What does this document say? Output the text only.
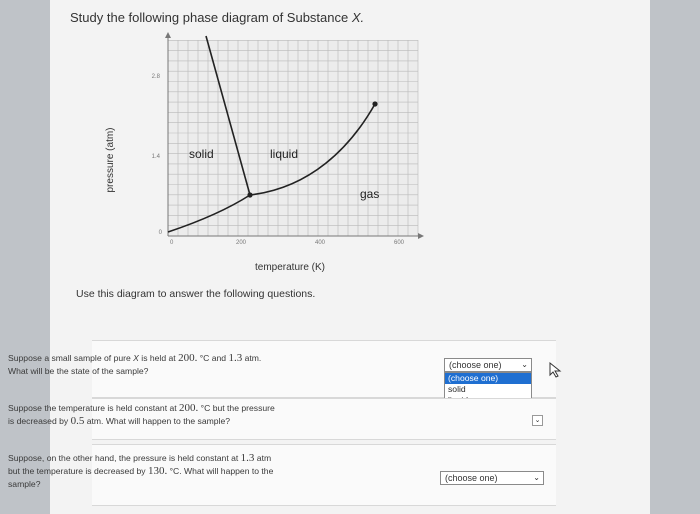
Study the following phase diagram of Substance X.
2.8
1.4
0
0	200	400	600
solid	liquid
gas
pressure (atm)
temperature (K)
Use this diagram to answer the following questions.
Suppose a small sample of pure X is held at 200. °C and 1.3 atm.
What will be the state of the sample?
(choose one) ⌄
(choose one)
solid
Suppose the temperature is held constant at 200. °C but the pressure
is decreased by 0.5 atm. What will happen to the sample?	⌄
Suppose, on the other hand, the pressure is held constant at 1.3 atm
but the temperature is decreased by 130. °C. What will happen to the
sample?
(choose one)	⌄
